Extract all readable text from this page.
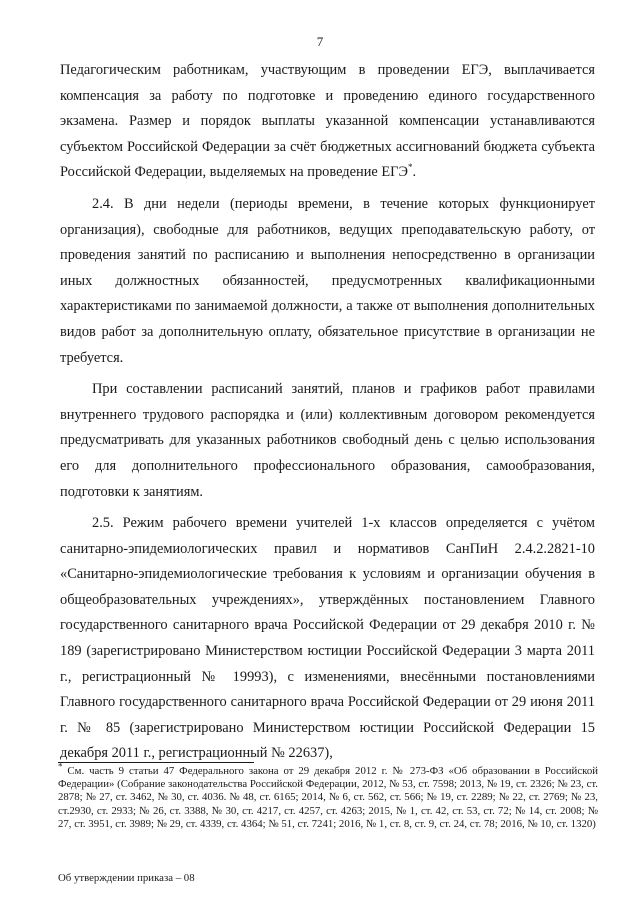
7

Педагогическим работникам, участвующим в проведении ЕГЭ, выплачивается компенсация за работу по подготовке и проведению единого государственного экзамена. Размер и порядок выплаты указанной компенсации устанавливаются субъектом Российской Федерации за счёт бюджетных ассигнований бюджета субъекта Российской Федерации, выделяемых на проведение ЕГЭ*.

2.4. В дни недели (периоды времени, в течение которых функционирует организация), свободные для работников, ведущих преподавательскую работу, от проведения занятий по расписанию и выполнения непосредственно в организации иных должностных обязанностей, предусмотренных квалификационными характеристиками по занимаемой должности, а также от выполнения дополнительных видов работ за дополнительную оплату, обязательное присутствие в организации не требуется.

При составлении расписаний занятий, планов и графиков работ правилами внутреннего трудового распорядка и (или) коллективным договором рекомендуется предусматривать для указанных работников свободный день с целью использования его для дополнительного профессионального образования, самообразования, подготовки к занятиям.

2.5. Режим рабочего времени учителей 1-х классов определяется с учётом санитарно-эпидемиологических правил и нормативов СанПиН 2.4.2.2821-10 «Санитарно-эпидемиологические требования к условиям и организации обучения в общеобразовательных учреждениях», утверждённых постановлением Главного государственного санитарного врача Российской Федерации от 29 декабря 2010 г. № 189 (зарегистрировано Министерством юстиции Российской Федерации 3 марта 2011 г., регистрационный № 19993), с изменениями, внесёнными постановлениями Главного государственного санитарного врача Российской Федерации от 29 июня 2011 г. № 85 (зарегистрировано Министерством юстиции Российской Федерации 15 декабря 2011 г., регистрационный № 22637),

* См. часть 9 статьи 47 Федерального закона от 29 декабря 2012 г. № 273-ФЗ «Об образовании в Российской Федерации» (Собрание законодательства Российской Федерации, 2012, № 53, ст. 7598; 2013, № 19, ст. 2326; № 23, ст. 2878; № 27, ст. 3462, № 30, ст. 4036. № 48, ст. 6165; 2014, № 6, ст. 562, ст. 566; № 19, ст. 2289; № 22, ст. 2769; № 23, ст.2930, ст. 2933; № 26, ст. 3388, № 30, ст. 4217, ст. 4257, ст. 4263; 2015, № 1, ст. 42, ст. 53, ст. 72; № 14, ст. 2008; № 27, ст. 3951, ст. 3989; № 29, ст. 4339, ст. 4364; № 51, ст. 7241; 2016, № 1, ст. 8, ст. 9, ст. 24, ст. 78; 2016, № 10, ст. 1320)
Об утверждении приказа – 08
